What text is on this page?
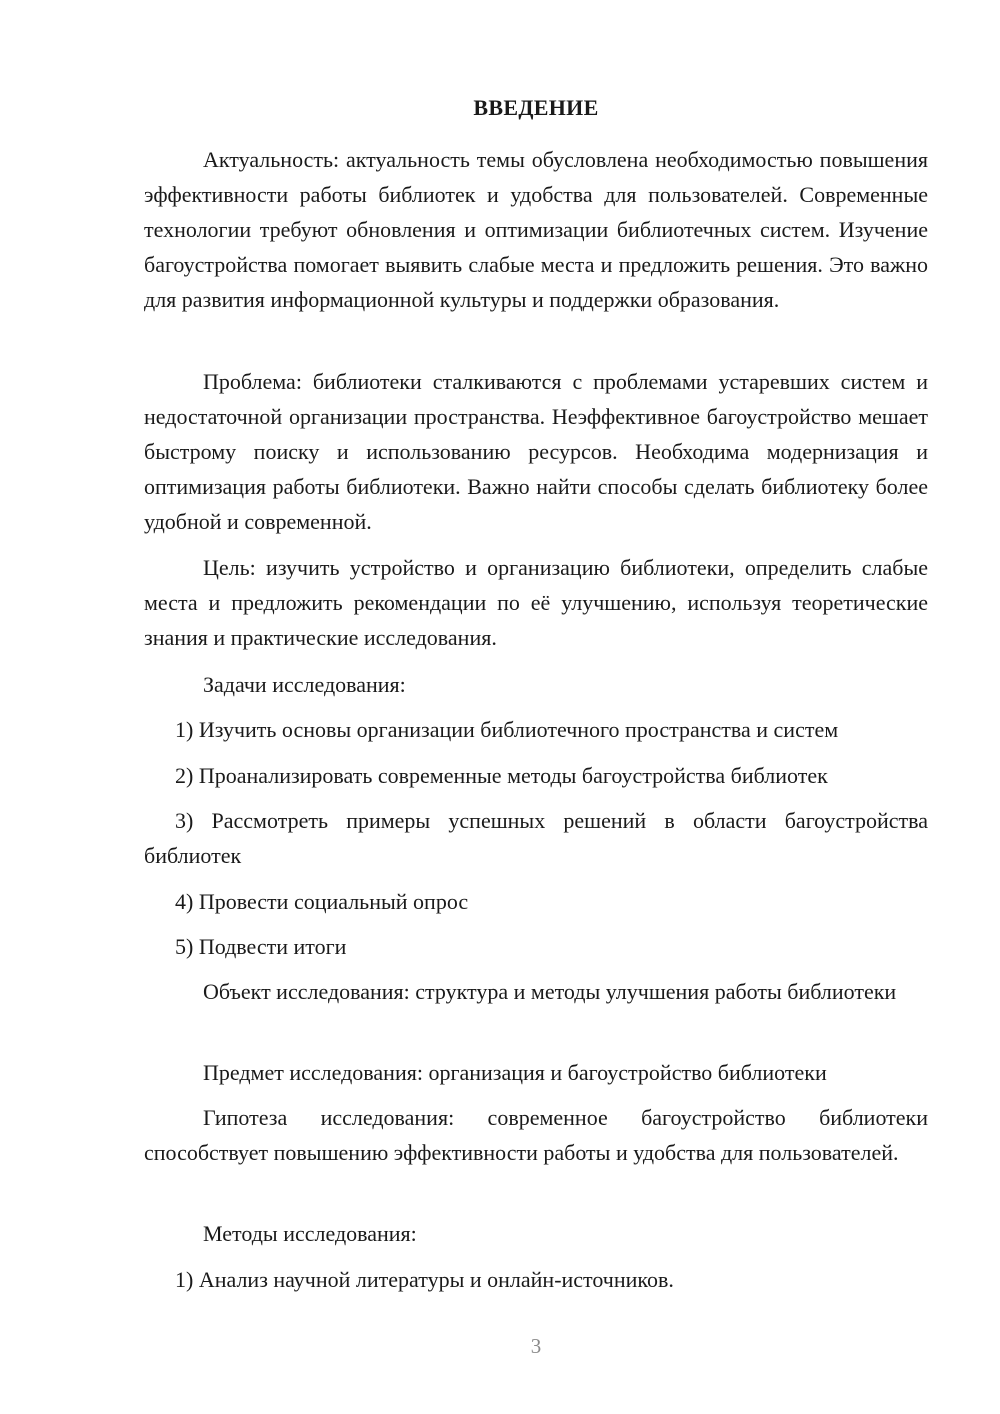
ВВЕДЕНИЕ

Актуальность: актуальность темы обусловлена необходимостью повышения эффективности работы библиотек и удобства для пользователей. Современные технологии требуют обновления и оптимизации библиотечных систем. Изучение багоустройства помогает выявить слабые места и предложить решения. Это важно для развития информационной культуры и поддержки образования.

Проблема: библиотеки сталкиваются с проблемами устаревших систем и недостаточной организации пространства. Неэффективное багоустройство мешает быстрому поиску и использованию ресурсов. Необходима модернизация и оптимизация работы библиотеки. Важно найти способы сделать библиотеку более удобной и современной.

Цель: изучить устройство и организацию библиотеки, определить слабые места и предложить рекомендации по её улучшению, используя теоретические знания и практические исследования.

Задачи исследования:

1) Изучить основы организации библиотечного пространства и систем

2) Проанализировать современные методы багоустройства библиотек

3) Рассмотреть примеры успешных решений в области багоустройства библиотек

4) Провести социальный опрос

5) Подвести итоги

Объект исследования: структура и методы улучшения работы библиотеки

Предмет исследования: организация и багоустройство библиотеки

Гипотеза исследования: современное багоустройство библиотеки способствует повышению эффективности работы и удобства для пользователей.

Методы исследования:

1) Анализ научной литературы и онлайн-источников.

3
